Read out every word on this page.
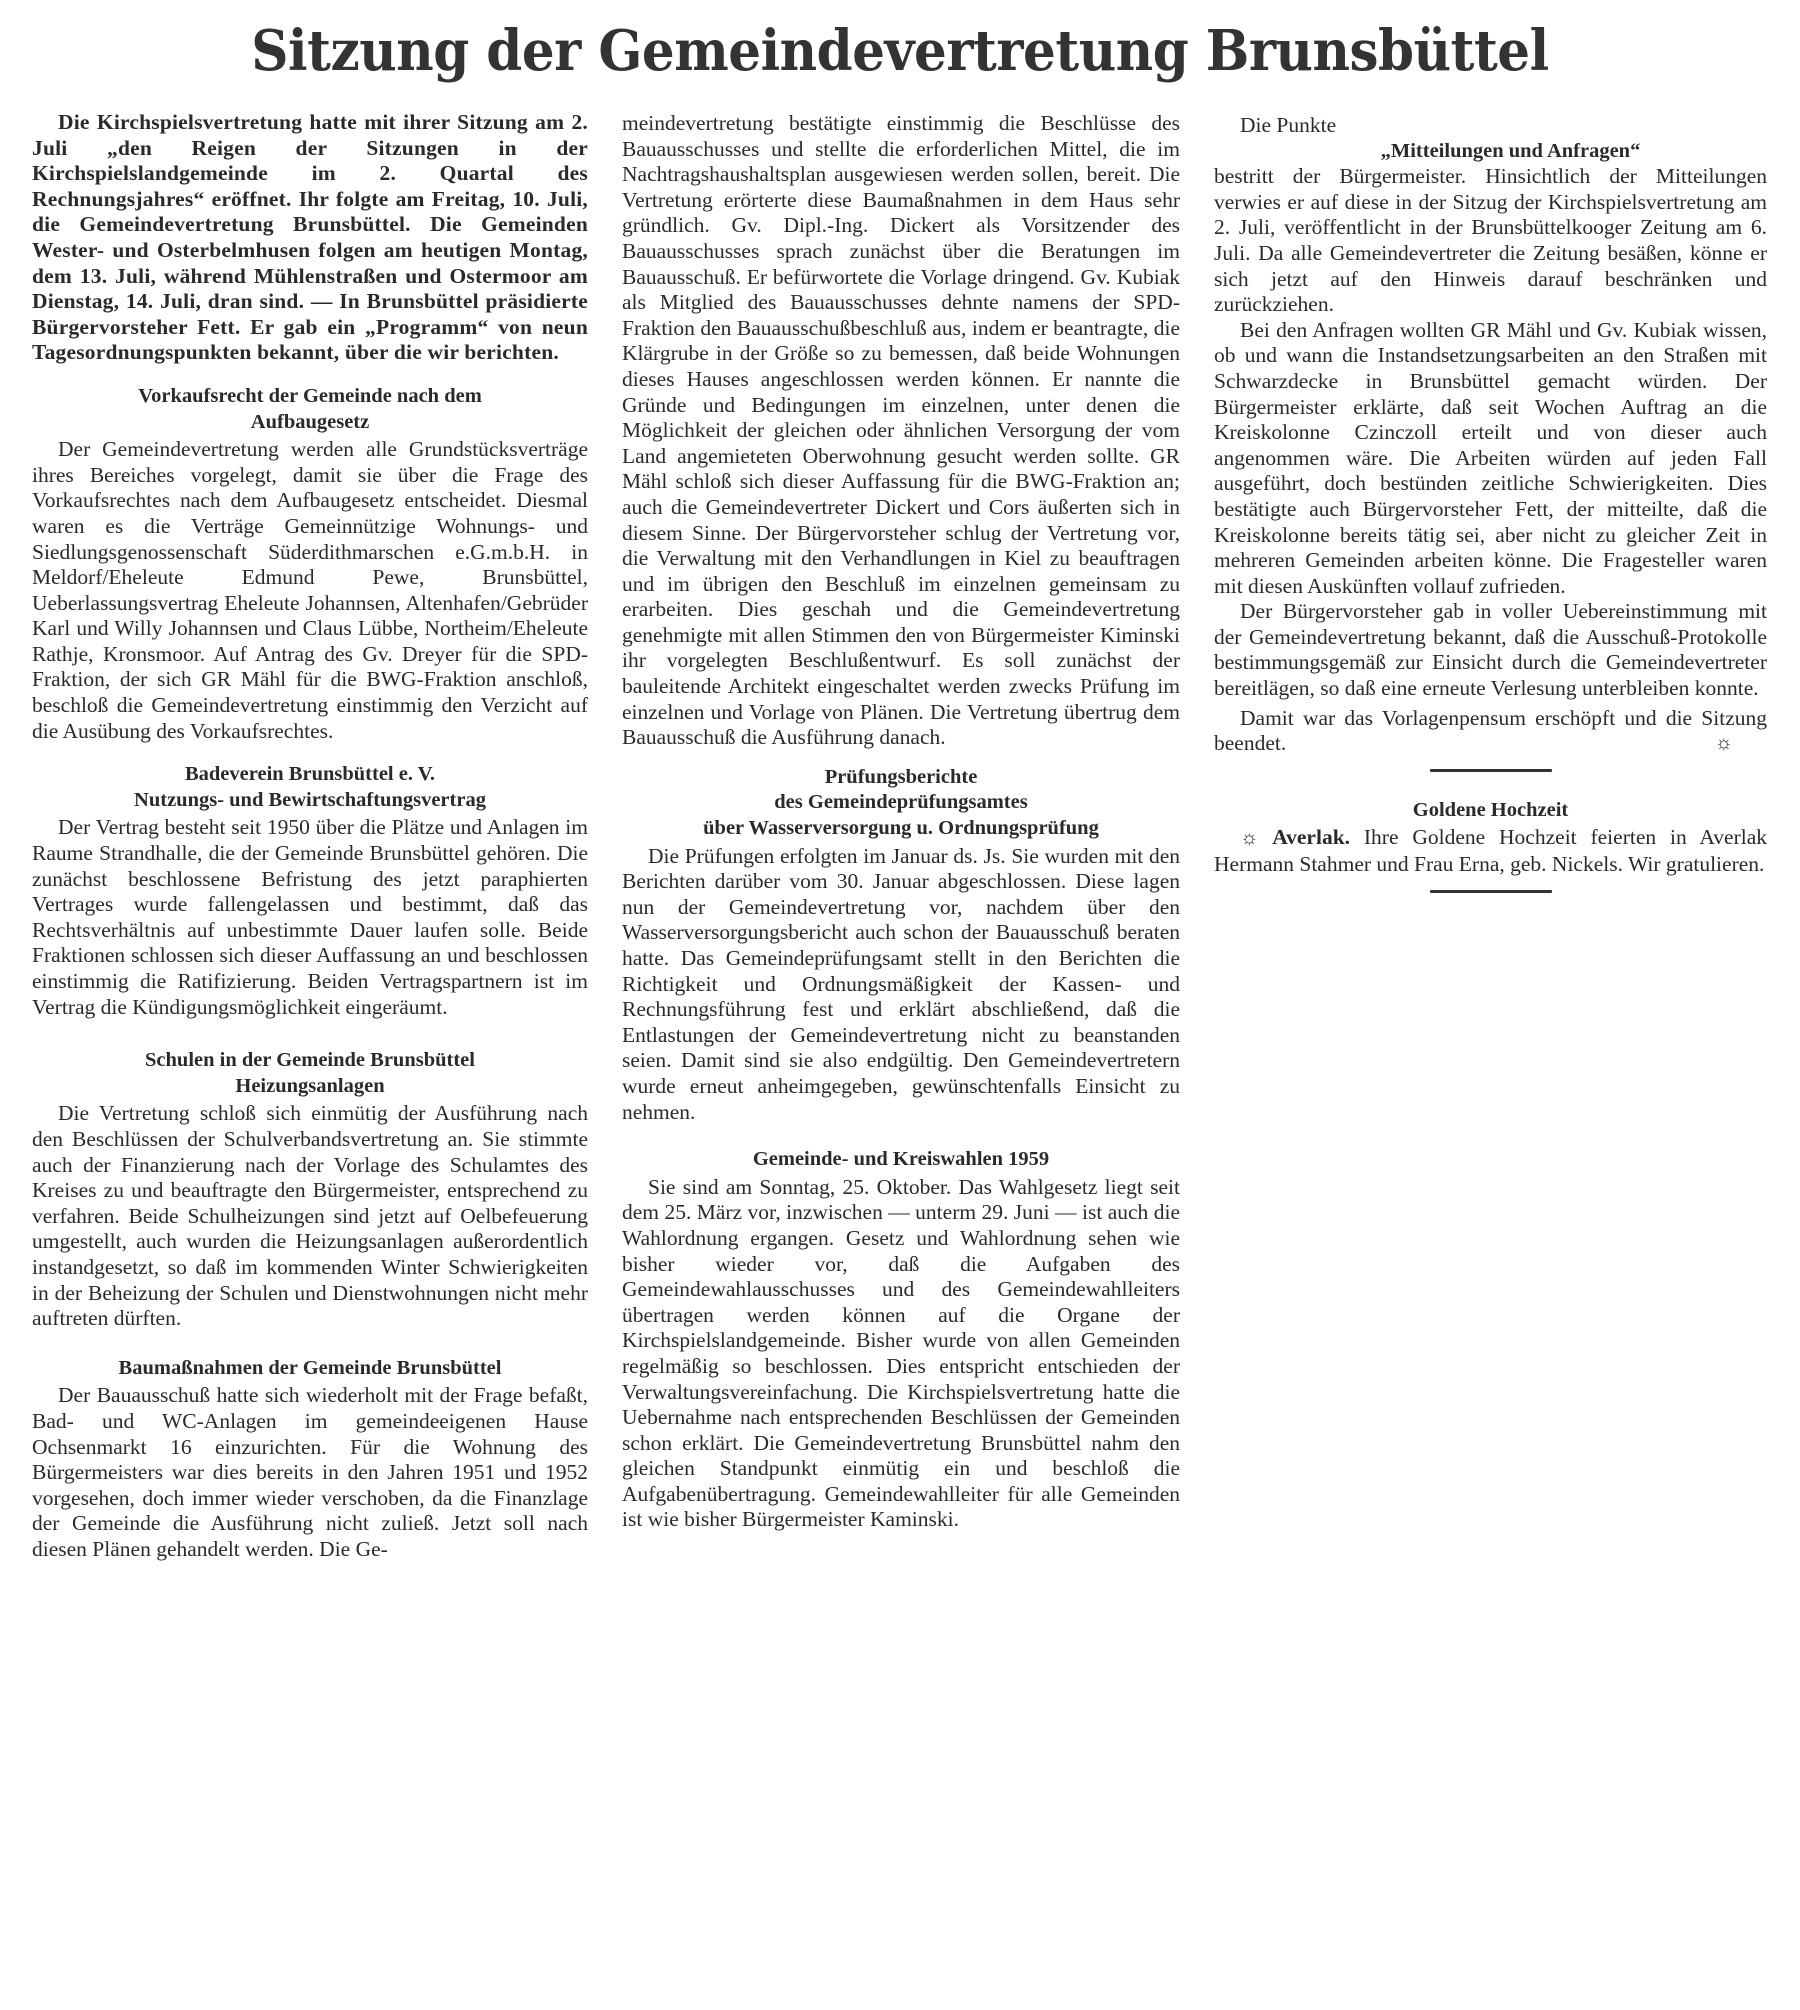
Sitzung der Gemeindevertretung Brunsbüttel

Die Kirchspielsvertretung hatte mit ihrer Sitzung am 2. Juli „den Reigen der Sitzungen in der Kirchspielslandgemeinde im 2. Quartal des Rechnungsjahres“ eröffnet. Ihr folgte am Freitag, 10. Juli, die Gemeindevertretung Brunsbüttel. Die Gemeinden Wester- und Osterbelmhusen folgen am heutigen Montag, dem 13. Juli, während Mühlenstraßen und Ostermoor am Dienstag, 14. Juli, dran sind. — In Brunsbüttel präsidierte Bürgervorsteher Fett. Er gab ein „Programm“ von neun Tagesordnungspunkten bekannt, über die wir berichten.

Vorkaufsrecht der Gemeinde nach dem
Aufbaugesetz

Der Gemeindevertretung werden alle Grundstücksverträge ihres Bereiches vorgelegt, damit sie über die Frage des Vorkaufsrechtes nach dem Aufbaugesetz entscheidet. Diesmal waren es die Verträge Gemeinnützige Wohnungs- und Siedlungsgenossenschaft Süderdithmarschen e.G.m.b.H. in Meldorf/Eheleute Edmund Pewe, Brunsbüttel, Ueberlassungsvertrag Eheleute Johannsen, Altenhafen/Gebrüder Karl und Willy Johannsen und Claus Lübbe, Northeim/Eheleute Rathje, Kronsmoor. Auf Antrag des Gv. Dreyer für die SPD-Fraktion, der sich GR Mähl für die BWG-Fraktion anschloß, beschloß die Gemeindevertretung einstimmig den Verzicht auf die Ausübung des Vorkaufsrechtes.

Badeverein Brunsbüttel e. V.
Nutzungs- und Bewirtschaftungsvertrag

Der Vertrag besteht seit 1950 über die Plätze und Anlagen im Raume Strandhalle, die der Gemeinde Brunsbüttel gehören. Die zunächst beschlossene Befristung des jetzt paraphierten Vertrages wurde fallengelassen und bestimmt, daß das Rechtsverhältnis auf unbestimmte Dauer laufen solle. Beide Fraktionen schlossen sich dieser Auffassung an und beschlossen einstimmig die Ratifizierung. Beiden Vertragspartnern ist im Vertrag die Kündigungsmöglichkeit eingeräumt.

Schulen in der Gemeinde Brunsbüttel
Heizungsanlagen

Die Vertretung schloß sich einmütig der Ausführung nach den Beschlüssen der Schulverbandsvertretung an. Sie stimmte auch der Finanzierung nach der Vorlage des Schulamtes des Kreises zu und beauftragte den Bürgermeister, entsprechend zu verfahren. Beide Schulheizungen sind jetzt auf Oelbefeuerung umgestellt, auch wurden die Heizungsanlagen außerordentlich instandgesetzt, so daß im kommenden Winter Schwierigkeiten in der Beheizung der Schulen und Dienstwohnungen nicht mehr auftreten dürften.

Baumaßnahmen der Gemeinde Brunsbüttel

Der Bauausschuß hatte sich wiederholt mit der Frage befaßt, Bad- und WC-Anlagen im gemeindeeigenen Hause Ochsenmarkt 16 einzurichten. Für die Wohnung des Bürgermeisters war dies bereits in den Jahren 1951 und 1952 vorgesehen, doch immer wieder verschoben, da die Finanzlage der Gemeinde die Ausführung nicht zuließ. Jetzt soll nach diesen Plänen gehandelt werden. Die Ge-

meindevertretung bestätigte einstimmig die Beschlüsse des Bauausschusses und stellte die erforderlichen Mittel, die im Nachtragshaushaltsplan ausgewiesen werden sollen, bereit. Die Vertretung erörterte diese Baumaßnahmen in dem Haus sehr gründlich. Gv. Dipl.-Ing. Dickert als Vorsitzender des Bauausschusses sprach zunächst über die Beratungen im Bauausschuß. Er befürwortete die Vorlage dringend. Gv. Kubiak als Mitglied des Bauausschusses dehnte namens der SPD-Fraktion den Bauausschußbeschluß aus, indem er beantragte, die Klärgrube in der Größe so zu bemessen, daß beide Wohnungen dieses Hauses angeschlossen werden können. Er nannte die Gründe und Bedingungen im einzelnen, unter denen die Möglichkeit der gleichen oder ähnlichen Versorgung der vom Land angemieteten Oberwohnung gesucht werden sollte. GR Mähl schloß sich dieser Auffassung für die BWG-Fraktion an; auch die Gemeindevertreter Dickert und Cors äußerten sich in diesem Sinne. Der Bürgervorsteher schlug der Vertretung vor, die Verwaltung mit den Verhandlungen in Kiel zu beauftragen und im übrigen den Beschluß im einzelnen gemeinsam zu erarbeiten. Dies geschah und die Gemeindevertretung genehmigte mit allen Stimmen den von Bürgermeister Kiminski ihr vorgelegten Beschlußentwurf. Es soll zunächst der bauleitende Architekt eingeschaltet werden zwecks Prüfung im einzelnen und Vorlage von Plänen. Die Vertretung übertrug dem Bauausschuß die Ausführung danach.

Prüfungsberichte
des Gemeindeprüfungsamtes
über Wasserversorgung u. Ordnungsprüfung

Die Prüfungen erfolgten im Januar ds. Js. Sie wurden mit den Berichten darüber vom 30. Januar abgeschlossen. Diese lagen nun der Gemeindevertretung vor, nachdem über den Wasserversorgungsbericht auch schon der Bauausschuß beraten hatte. Das Gemeindeprüfungsamt stellt in den Berichten die Richtigkeit und Ordnungsmäßigkeit der Kassen- und Rechnungsführung fest und erklärt abschließend, daß die Entlastungen der Gemeindevertretung nicht zu beanstanden seien. Damit sind sie also endgültig. Den Gemeindevertretern wurde erneut anheimgegeben, gewünschtenfalls Einsicht zu nehmen.

Gemeinde- und Kreiswahlen 1959

Sie sind am Sonntag, 25. Oktober. Das Wahlgesetz liegt seit dem 25. März vor, inzwischen — unterm 29. Juni — ist auch die Wahlordnung ergangen. Gesetz und Wahlordnung sehen wie bisher wieder vor, daß die Aufgaben des Gemeindewahlausschusses und des Gemeindewahlleiters übertragen werden können auf die Organe der Kirchspielslandgemeinde. Bisher wurde von allen Gemeinden regelmäßig so beschlossen. Dies entspricht entschieden der Verwaltungsvereinfachung. Die Kirchspielsvertretung hatte die Uebernahme nach entsprechenden Beschlüssen der Gemeinden schon erklärt. Die Gemeindevertretung Brunsbüttel nahm den gleichen Standpunkt einmütig ein und beschloß die Aufgabenübertragung. Gemeindewahlleiter für alle Gemeinden ist wie bisher Bürgermeister Kaminski.

Die Punkte

„Mitteilungen und Anfragen“

bestritt der Bürgermeister. Hinsichtlich der Mitteilungen verwies er auf diese in der Sitzug der Kirchspielsvertretung am 2. Juli, veröffentlicht in der Brunsbüttelkooger Zeitung am 6. Juli. Da alle Gemeindevertreter die Zeitung besäßen, könne er sich jetzt auf den Hinweis darauf beschränken und zurückziehen.

Bei den Anfragen wollten GR Mähl und Gv. Kubiak wissen, ob und wann die Instandsetzungsarbeiten an den Straßen mit Schwarzdecke in Brunsbüttel gemacht würden. Der Bürgermeister erklärte, daß seit Wochen Auftrag an die Kreiskolonne Czinczoll erteilt und von dieser auch angenommen wäre. Die Arbeiten würden auf jeden Fall ausgeführt, doch bestünden zeitliche Schwierigkeiten. Dies bestätigte auch Bürgervorsteher Fett, der mitteilte, daß die Kreiskolonne bereits tätig sei, aber nicht zu gleicher Zeit in mehreren Gemeinden arbeiten könne. Die Fragesteller waren mit diesen Auskünften vollauf zufrieden.

Der Bürgervorsteher gab in voller Uebereinstimmung mit der Gemeindevertretung bekannt, daß die Ausschuß-Protokolle bestimmungsgemäß zur Einsicht durch die Gemeindevertreter bereitlägen, so daß eine erneute Verlesung unterbleiben konnte.

Damit war das Vorlagenpensum erschöpft und die Sitzung beendet.	☼

Goldene Hochzeit

☼ Averlak. Ihre Goldene Hochzeit feierten in Averlak Hermann Stahmer und Frau Erna, geb. Nickels. Wir gratulieren.
